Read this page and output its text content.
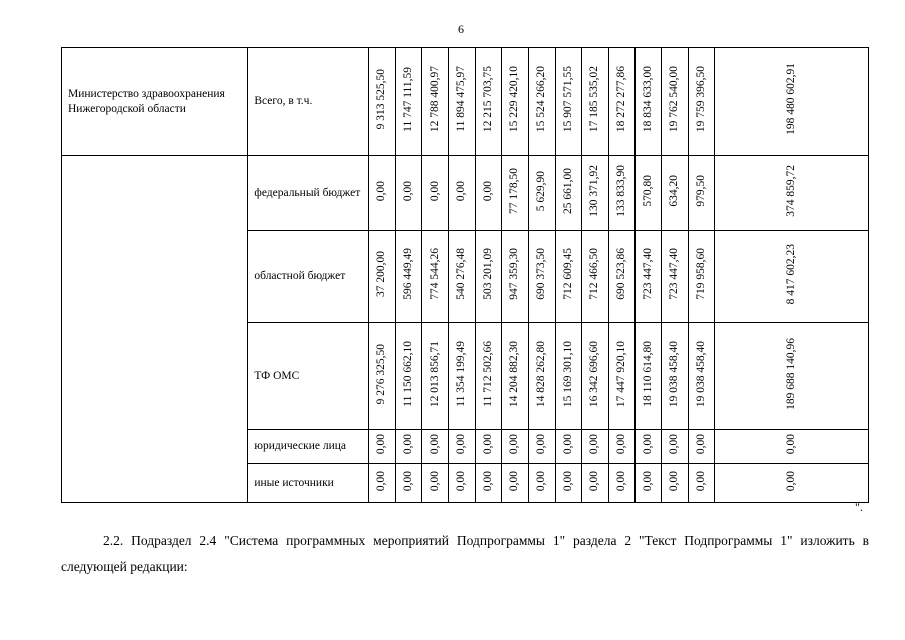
6
Министерство здравоохранения Нижегородской области	Всего, в т.ч.	9 313 525,50	11 747 111,59	12 788 400,97	11 894 475,97	12 215 703,75	15 229 420,10	15 524 266,20	15 907 571,55	17 185 535,02	18 272 277,86	18 834 633,00	19 762 540,00	19 759 396,50	198 480 602,91
	федеральный бюджет	0,00	0,00	0,00	0,00	0,00	77 178,50	5 629,90	25 661,00	130 371,92	133 833,90	570,80	634,20	979,50	374 859,72
	областной бюджет	37 200,00	596 449,49	774 544,26	540 276,48	503 201,09	947 359,30	690 373,50	712 609,45	712 466,50	690 523,86	723 447,40	723 447,40	719 958,60	8 417 602,23
	ТФ ОМС	9 276 325,50	11 150 662,10	12 013 856,71	11 354 199,49	11 712 502,66	14 204 882,30	14 828 262,80	15 169 301,10	16 342 696,60	17 447 920,10	18 110 614,80	19 038 458,40	19 038 458,40	189 688 140,96
	юридические лица	0,00	0,00	0,00	0,00	0,00	0,00	0,00	0,00	0,00	0,00	0,00	0,00	0,00	0,00
	иные источники	0,00	0,00	0,00	0,00	0,00	0,00	0,00	0,00	0,00	0,00	0,00	0,00	0,00	0,00
".
2.2. Подраздел 2.4 "Система программных мероприятий Подпрограммы 1" раздела 2 "Текст Подпрограммы 1" изложить в следующей редакции:
